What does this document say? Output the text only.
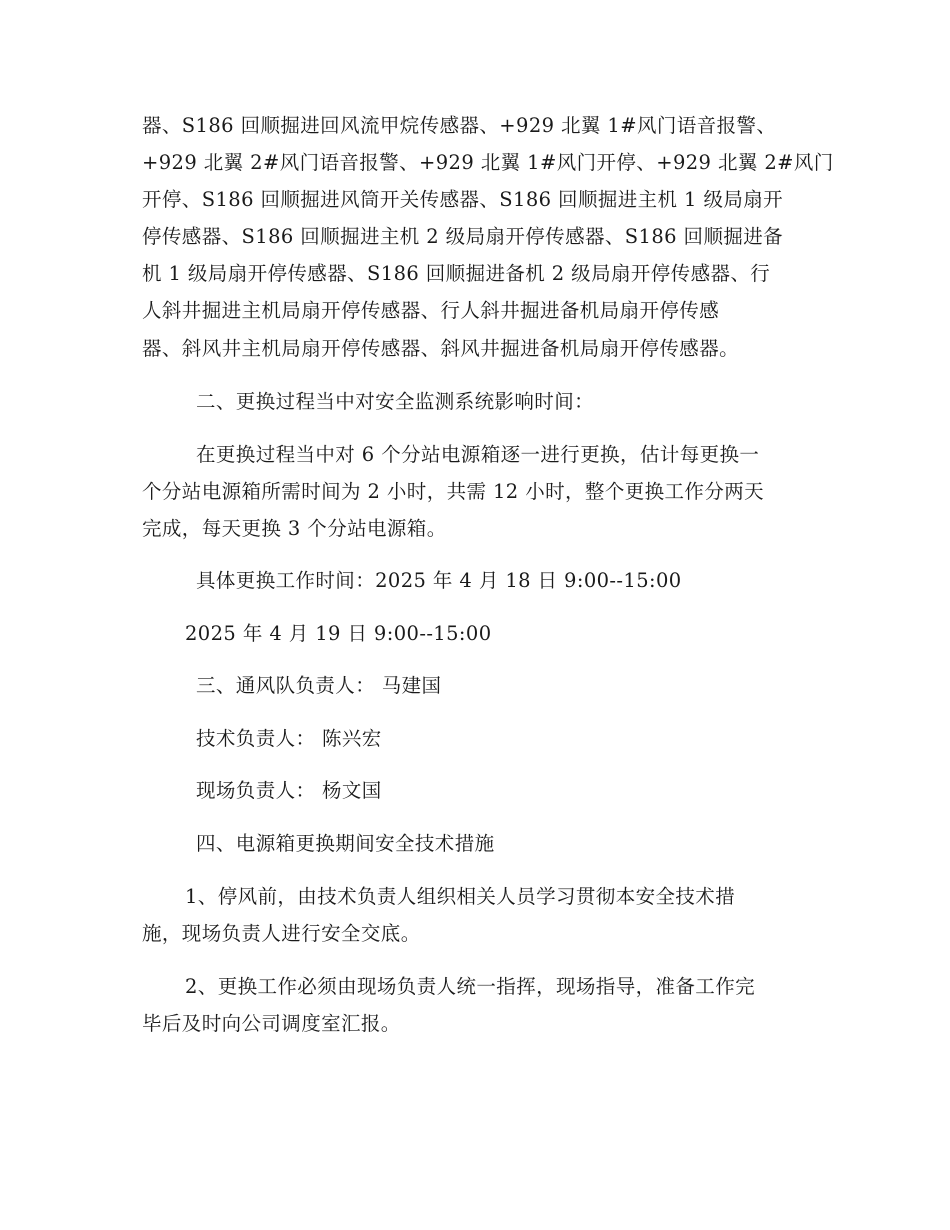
器、S186 回顺掘进回风流甲烷传感器、+929 北翼 1#风门语音报警、
+929 北翼 2#风门语音报警、+929 北翼 1#风门开停、+929 北翼 2#风门
开停、S186 回顺掘进风筒开关传感器、S186 回顺掘进主机 1 级局扇开
停传感器、S186 回顺掘进主机 2 级局扇开停传感器、S186 回顺掘进备
机 1 级局扇开停传感器、S186 回顺掘进备机 2 级局扇开停传感器、行
人斜井掘进主机局扇开停传感器、行人斜井掘进备机局扇开停传感
器、斜风井主机局扇开停传感器、斜风井掘进备机局扇开停传感器。
二、更换过程当中对安全监测系统影响时间：
在更换过程当中对 6 个分站电源箱逐一进行更换，估计每更换一
个分站电源箱所需时间为 2 小时，共需 12 小时，整个更换工作分两天
完成，每天更换 3 个分站电源箱。
具体更换工作时间：2025 年 4 月 18 日 9:00--15:00
2025 年 4 月 19 日 9:00--15:00
三、通风队负责人： 马建国
技术负责人： 陈兴宏
现场负责人： 杨文国
四、电源箱更换期间安全技术措施
1、停风前，由技术负责人组织相关人员学习贯彻本安全技术措
施，现场负责人进行安全交底。
2、更换工作必须由现场负责人统一指挥，现场指导，准备工作完
毕后及时向公司调度室汇报。
